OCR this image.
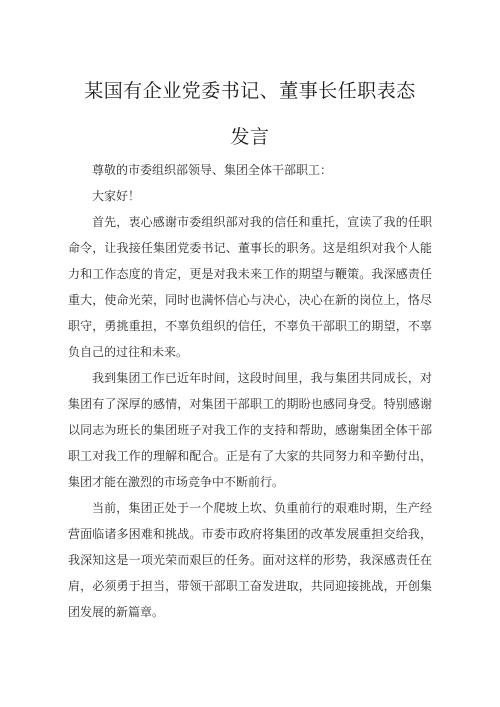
某国有企业党委书记、董事长任职表态
发言

尊敬的市委组织部领导、集团全体干部职工：

大家好！

首先，衷心感谢市委组织部对我的信任和重托，宣读了我的任职命令，让我接任集团党委书记、董事长的职务。这是组织对我个人能力和工作态度的肯定，更是对我未来工作的期望与鞭策。我深感责任重大，使命光荣，同时也满怀信心与决心，决心在新的岗位上，恪尽职守，勇挑重担，不辜负组织的信任，不辜负干部职工的期望，不辜负自己的过往和未来。

我到集团工作已近年时间，这段时间里，我与集团共同成长，对集团有了深厚的感情，对集团干部职工的期盼也感同身受。特别感谢以同志为班长的集团班子对我工作的支持和帮助，感谢集团全体干部职工对我工作的理解和配合。正是有了大家的共同努力和辛勤付出，集团才能在激烈的市场竞争中不断前行。

当前，集团正处于一个爬坡上坎、负重前行的艰难时期，生产经营面临诸多困难和挑战。市委市政府将集团的改革发展重担交给我，我深知这是一项光荣而艰巨的任务。面对这样的形势，我深感责任在肩，必须勇于担当，带领干部职工奋发进取，共同迎接挑战，开创集团发展的新篇章。
